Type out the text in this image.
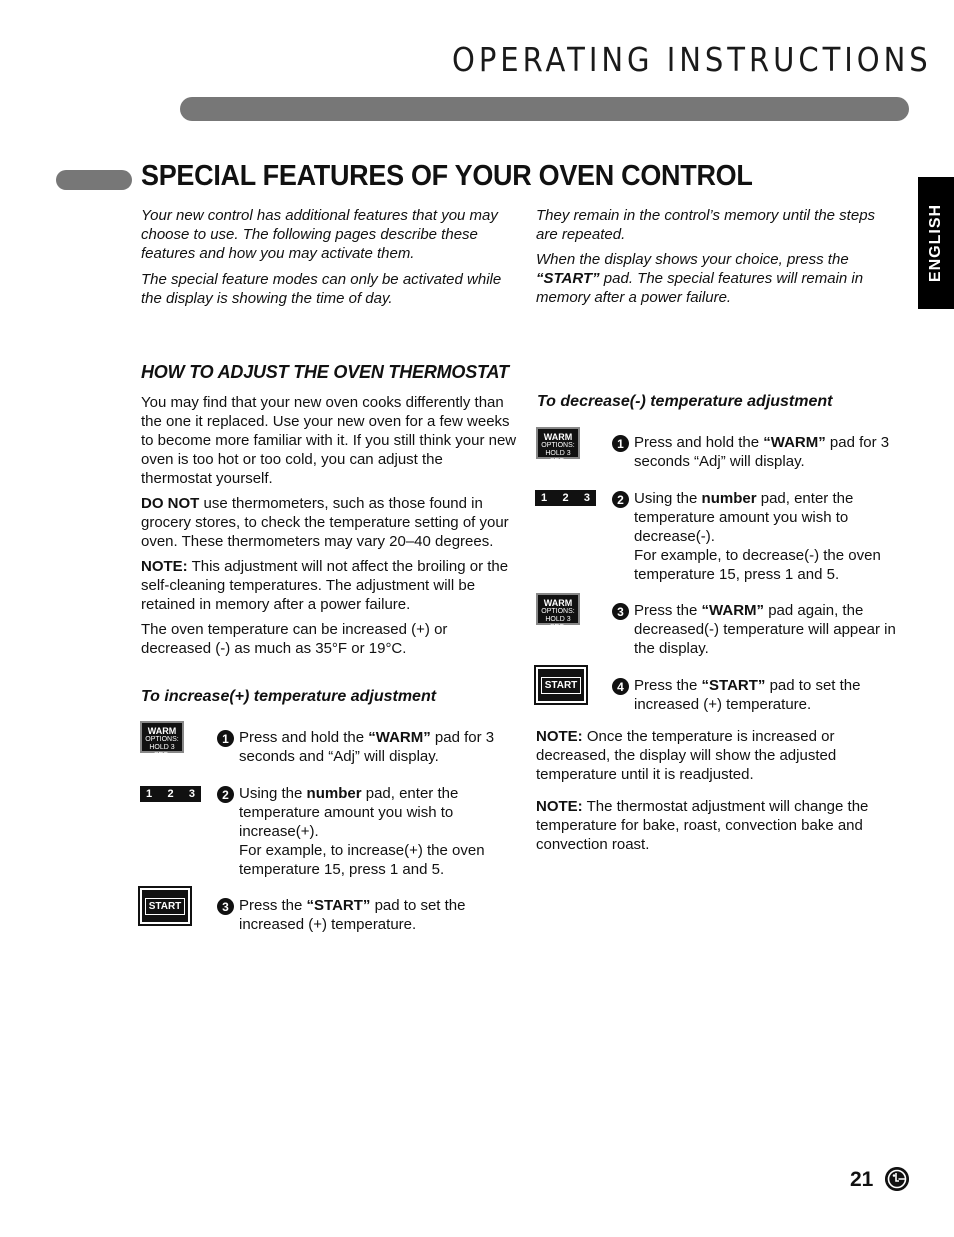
OPERATING INSTRUCTIONS
SPECIAL FEATURES OF YOUR OVEN CONTROL
ENGLISH

Your new control has additional features that you may choose to use. The following pages describe these features and how you may activate them.

The special feature modes can only be activated while the display is showing the time of day.

They remain in the control’s memory until the steps are repeated.

When the display shows your choice, press the “START” pad. The special features will remain in memory after a power failure.

HOW TO ADJUST THE OVEN THERMOSTAT

You may find that your new oven cooks differently than the one it replaced. Use your new oven for a few weeks to become more familiar with it. If you still think your new oven is too hot or too cold, you can adjust the thermostat yourself.

DO NOT use thermometers, such as those found in grocery stores, to check the temperature setting of your oven. These thermometers may vary 20–40 degrees.

NOTE: This adjustment will not affect the broiling or the self-cleaning temperatures. The adjustment will be retained in memory after a power failure.

The oven temperature can be increased (+) or decreased (-) as much as 35°F or 19°C.

To increase(+) temperature adjustment
WARM
OPTIONS:
HOLD 3 SEC.
1 Press and hold the “WARM” pad for 3 seconds and “Adj” will display.
1 2 3	2 Using the number pad, enter the temperature amount you wish to increase(+).
For example, to increase(+) the oven temperature 15, press 1 and 5.
START	3 Press the “START” pad to set the increased (+) temperature.
To decrease(-) temperature adjustment
WARM
OPTIONS:
HOLD 3 SEC.
1 Press and hold the “WARM” pad for 3 seconds “Adj” will display.
1 2 3	2 Using the number pad, enter the temperature amount you wish to decrease(-).
For example, to decrease(-) the oven temperature 15, press 1 and 5.
WARM
OPTIONS:
HOLD 3 SEC.
3 Press the “WARM” pad again, the decreased(-) temperature will appear in the display.
START	4 Press the “START” pad to set the increased (+) temperature.

NOTE: Once the temperature is increased or decreased, the display will show the adjusted temperature until it is readjusted.

NOTE: The thermostat adjustment will change the temperature for bake, roast, convection bake and convection roast.

21
